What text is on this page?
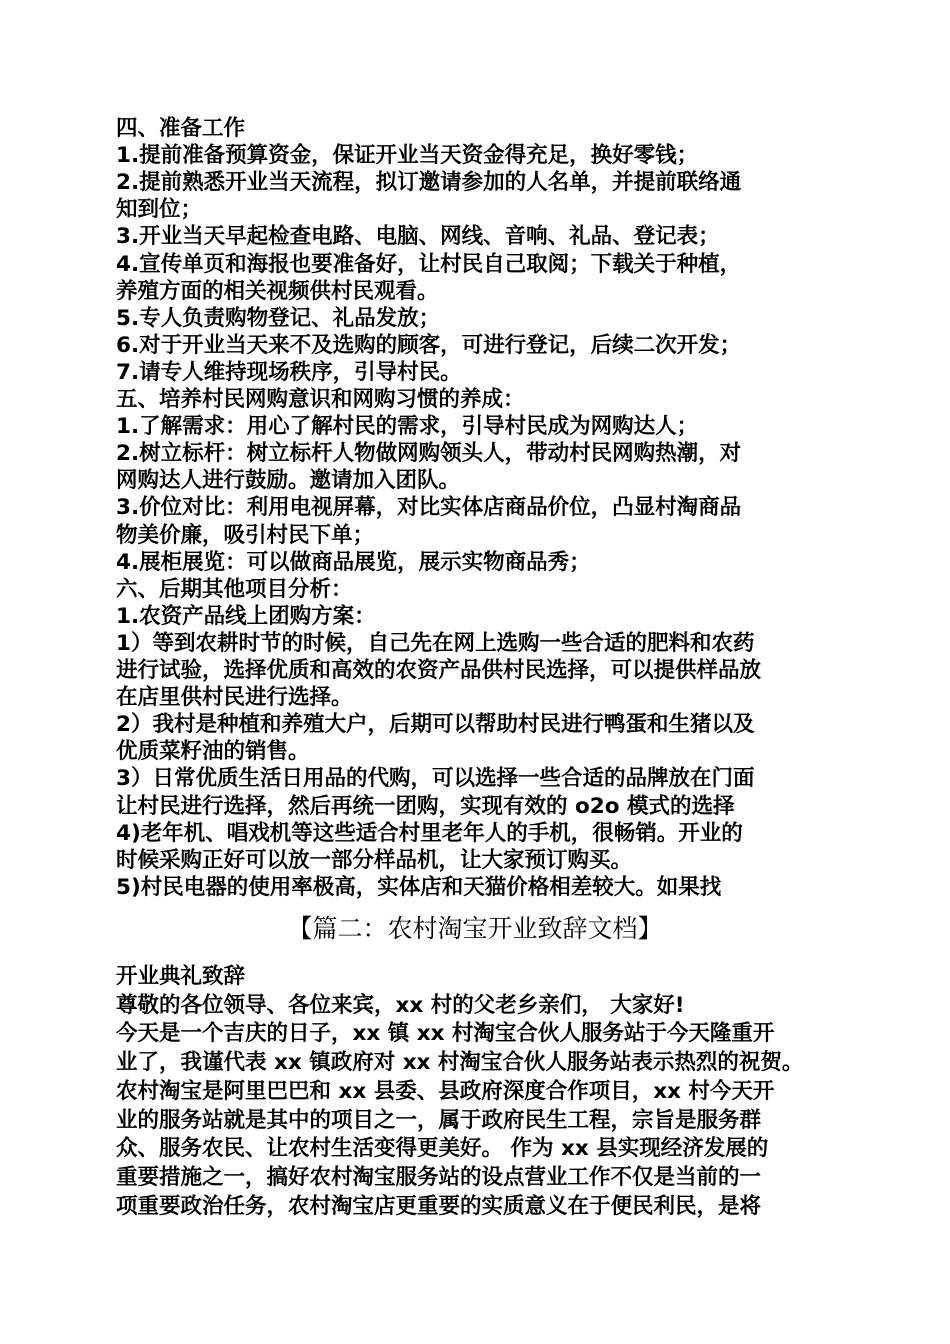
四、准备工作
1.提前准备预算资金，保证开业当天资金得充足，换好零钱；
2.提前熟悉开业当天流程，拟订邀请参加的人名单，并提前联络通
知到位；
3.开业当天早起检查电路、电脑、网线、音响、礼品、登记表；
4.宣传单页和海报也要准备好，让村民自己取阅；下载关于种植，
养殖方面的相关视频供村民观看。
5.专人负责购物登记、礼品发放；
6.对于开业当天来不及选购的顾客，可进行登记，后续二次开发；
7.请专人维持现场秩序，引导村民。
五、培养村民网购意识和网购习惯的养成：
1.了解需求：用心了解村民的需求，引导村民成为网购达人；
2.树立标杆：树立标杆人物做网购领头人，带动村民网购热潮，对
网购达人进行鼓励。邀请加入团队。
3.价位对比：利用电视屏幕，对比实体店商品价位，凸显村淘商品
物美价廉，吸引村民下单；
4.展柜展览：可以做商品展览，展示实物商品秀；
六、后期其他项目分析：
1.农资产品线上团购方案：
1）等到农耕时节的时候，自己先在网上选购一些合适的肥料和农药
进行试验，选择优质和高效的农资产品供村民选择，可以提供样品放
在店里供村民进行选择。
2）我村是种植和养殖大户，后期可以帮助村民进行鸭蛋和生猪以及
优质菜籽油的销售。
3）日常优质生活日用品的代购，可以选择一些合适的品牌放在门面
让村民进行选择，然后再统一团购，实现有效的 o2o 模式的选择
4)老年机、唱戏机等这些适合村里老年人的手机，很畅销。开业的
时候采购正好可以放一部分样品机，让大家预订购买。
5)村民电器的使用率极高，实体店和天猫价格相差较大。如果找
【篇二：农村淘宝开业致辞文档】
开业典礼致辞
尊敬的各位领导、各位来宾，xx 村的父老乡亲们， 大家好!
今天是一个吉庆的日子，xx 镇 xx 村淘宝合伙人服务站于今天隆重开
业了，我谨代表 xx 镇政府对 xx 村淘宝合伙人服务站表示热烈的祝贺。
农村淘宝是阿里巴巴和 xx 县委、县政府深度合作项目，xx 村今天开
业的服务站就是其中的项目之一，属于政府民生工程，宗旨是服务群
众、服务农民、让农村生活变得更美好。 作为 xx 县实现经济发展的
重要措施之一，搞好农村淘宝服务站的设点营业工作不仅是当前的一
项重要政治任务，农村淘宝店更重要的实质意义在于便民利民，是将
